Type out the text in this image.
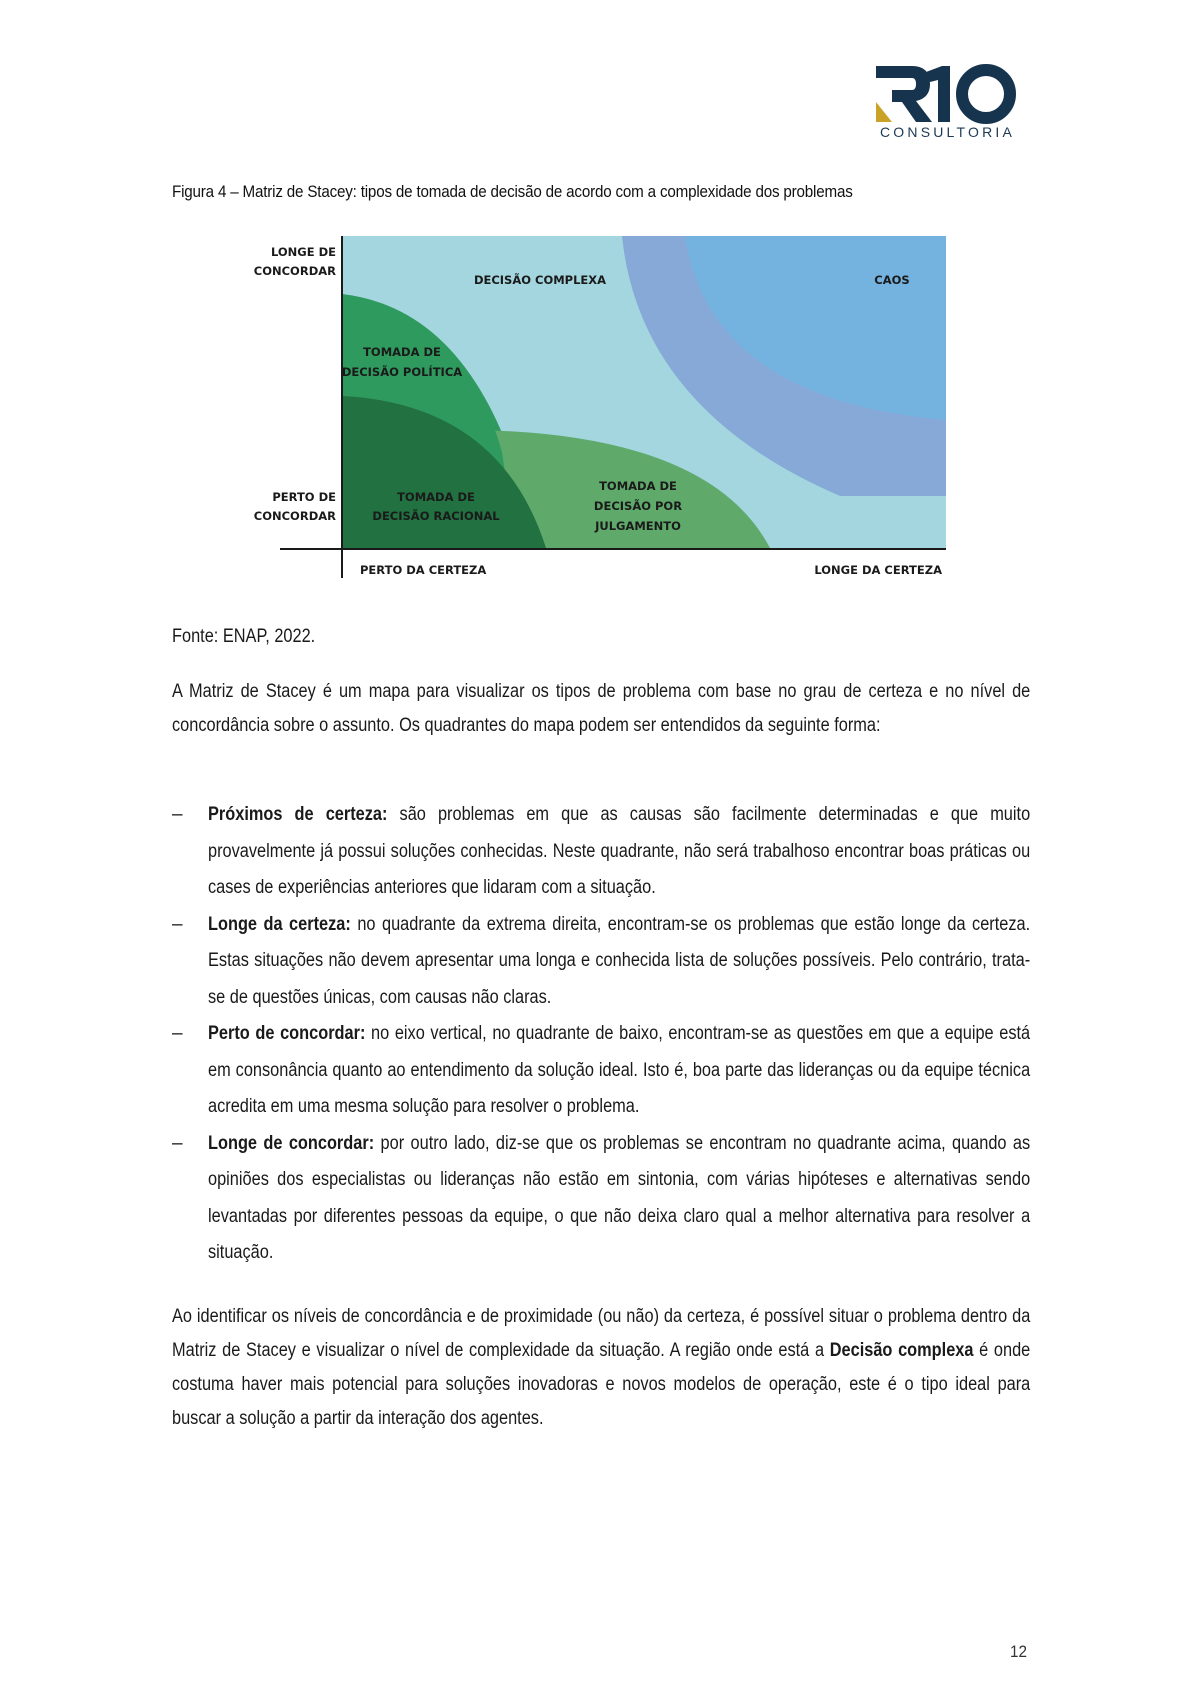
CONSULTORIA
Figura 4 – Matriz de Stacey: tipos de tomada de decisão de acordo com a complexidade dos problemas
LONGE DE
CONCORDAR
PERTO DE
CONCORDAR
PERTO DA CERTEZA	LONGE DA CERTEZA
DECISÃO COMPLEXA	CAOS
TOMADA DE
DECISÃO POLÍTICA
TOMADA DE
DECISÃO RACIONAL
TOMADA DE
DECISÃO POR
JULGAMENTO
Fonte: ENAP, 2022.
A Matriz de Stacey é um mapa para visualizar os tipos de problema com base no grau de certeza e no nível de concordância sobre o assunto. Os quadrantes do mapa podem ser entendidos da seguinte forma:
– Próximos de certeza: são problemas em que as causas são facilmente determinadas e que muito provavelmente já possui soluções conhecidas. Neste quadrante, não será trabalhoso encontrar boas práticas ou cases de experiências anteriores que lidaram com a situação.
– Longe da certeza: no quadrante da extrema direita, encontram-se os problemas que estão longe da certeza. Estas situações não devem apresentar uma longa e conhecida lista de soluções possíveis. Pelo contrário, trata-se de questões únicas, com causas não claras.
– Perto de concordar: no eixo vertical, no quadrante de baixo, encontram-se as questões em que a equipe está em consonância quanto ao entendimento da solução ideal. Isto é, boa parte das lideranças ou da equipe técnica acredita em uma mesma solução para resolver o problema.
– Longe de concordar: por outro lado, diz-se que os problemas se encontram no quadrante acima, quando as opiniões dos especialistas ou lideranças não estão em sintonia, com várias hipóteses e alternativas sendo levantadas por diferentes pessoas da equipe, o que não deixa claro qual a melhor alternativa para resolver a situação.
Ao identificar os níveis de concordância e de proximidade (ou não) da certeza, é possível situar o problema dentro da Matriz de Stacey e visualizar o nível de complexidade da situação. A região onde está a Decisão complexa é onde costuma haver mais potencial para soluções inovadoras e novos modelos de operação, este é o tipo ideal para buscar a solução a partir da interação dos agentes.
12
